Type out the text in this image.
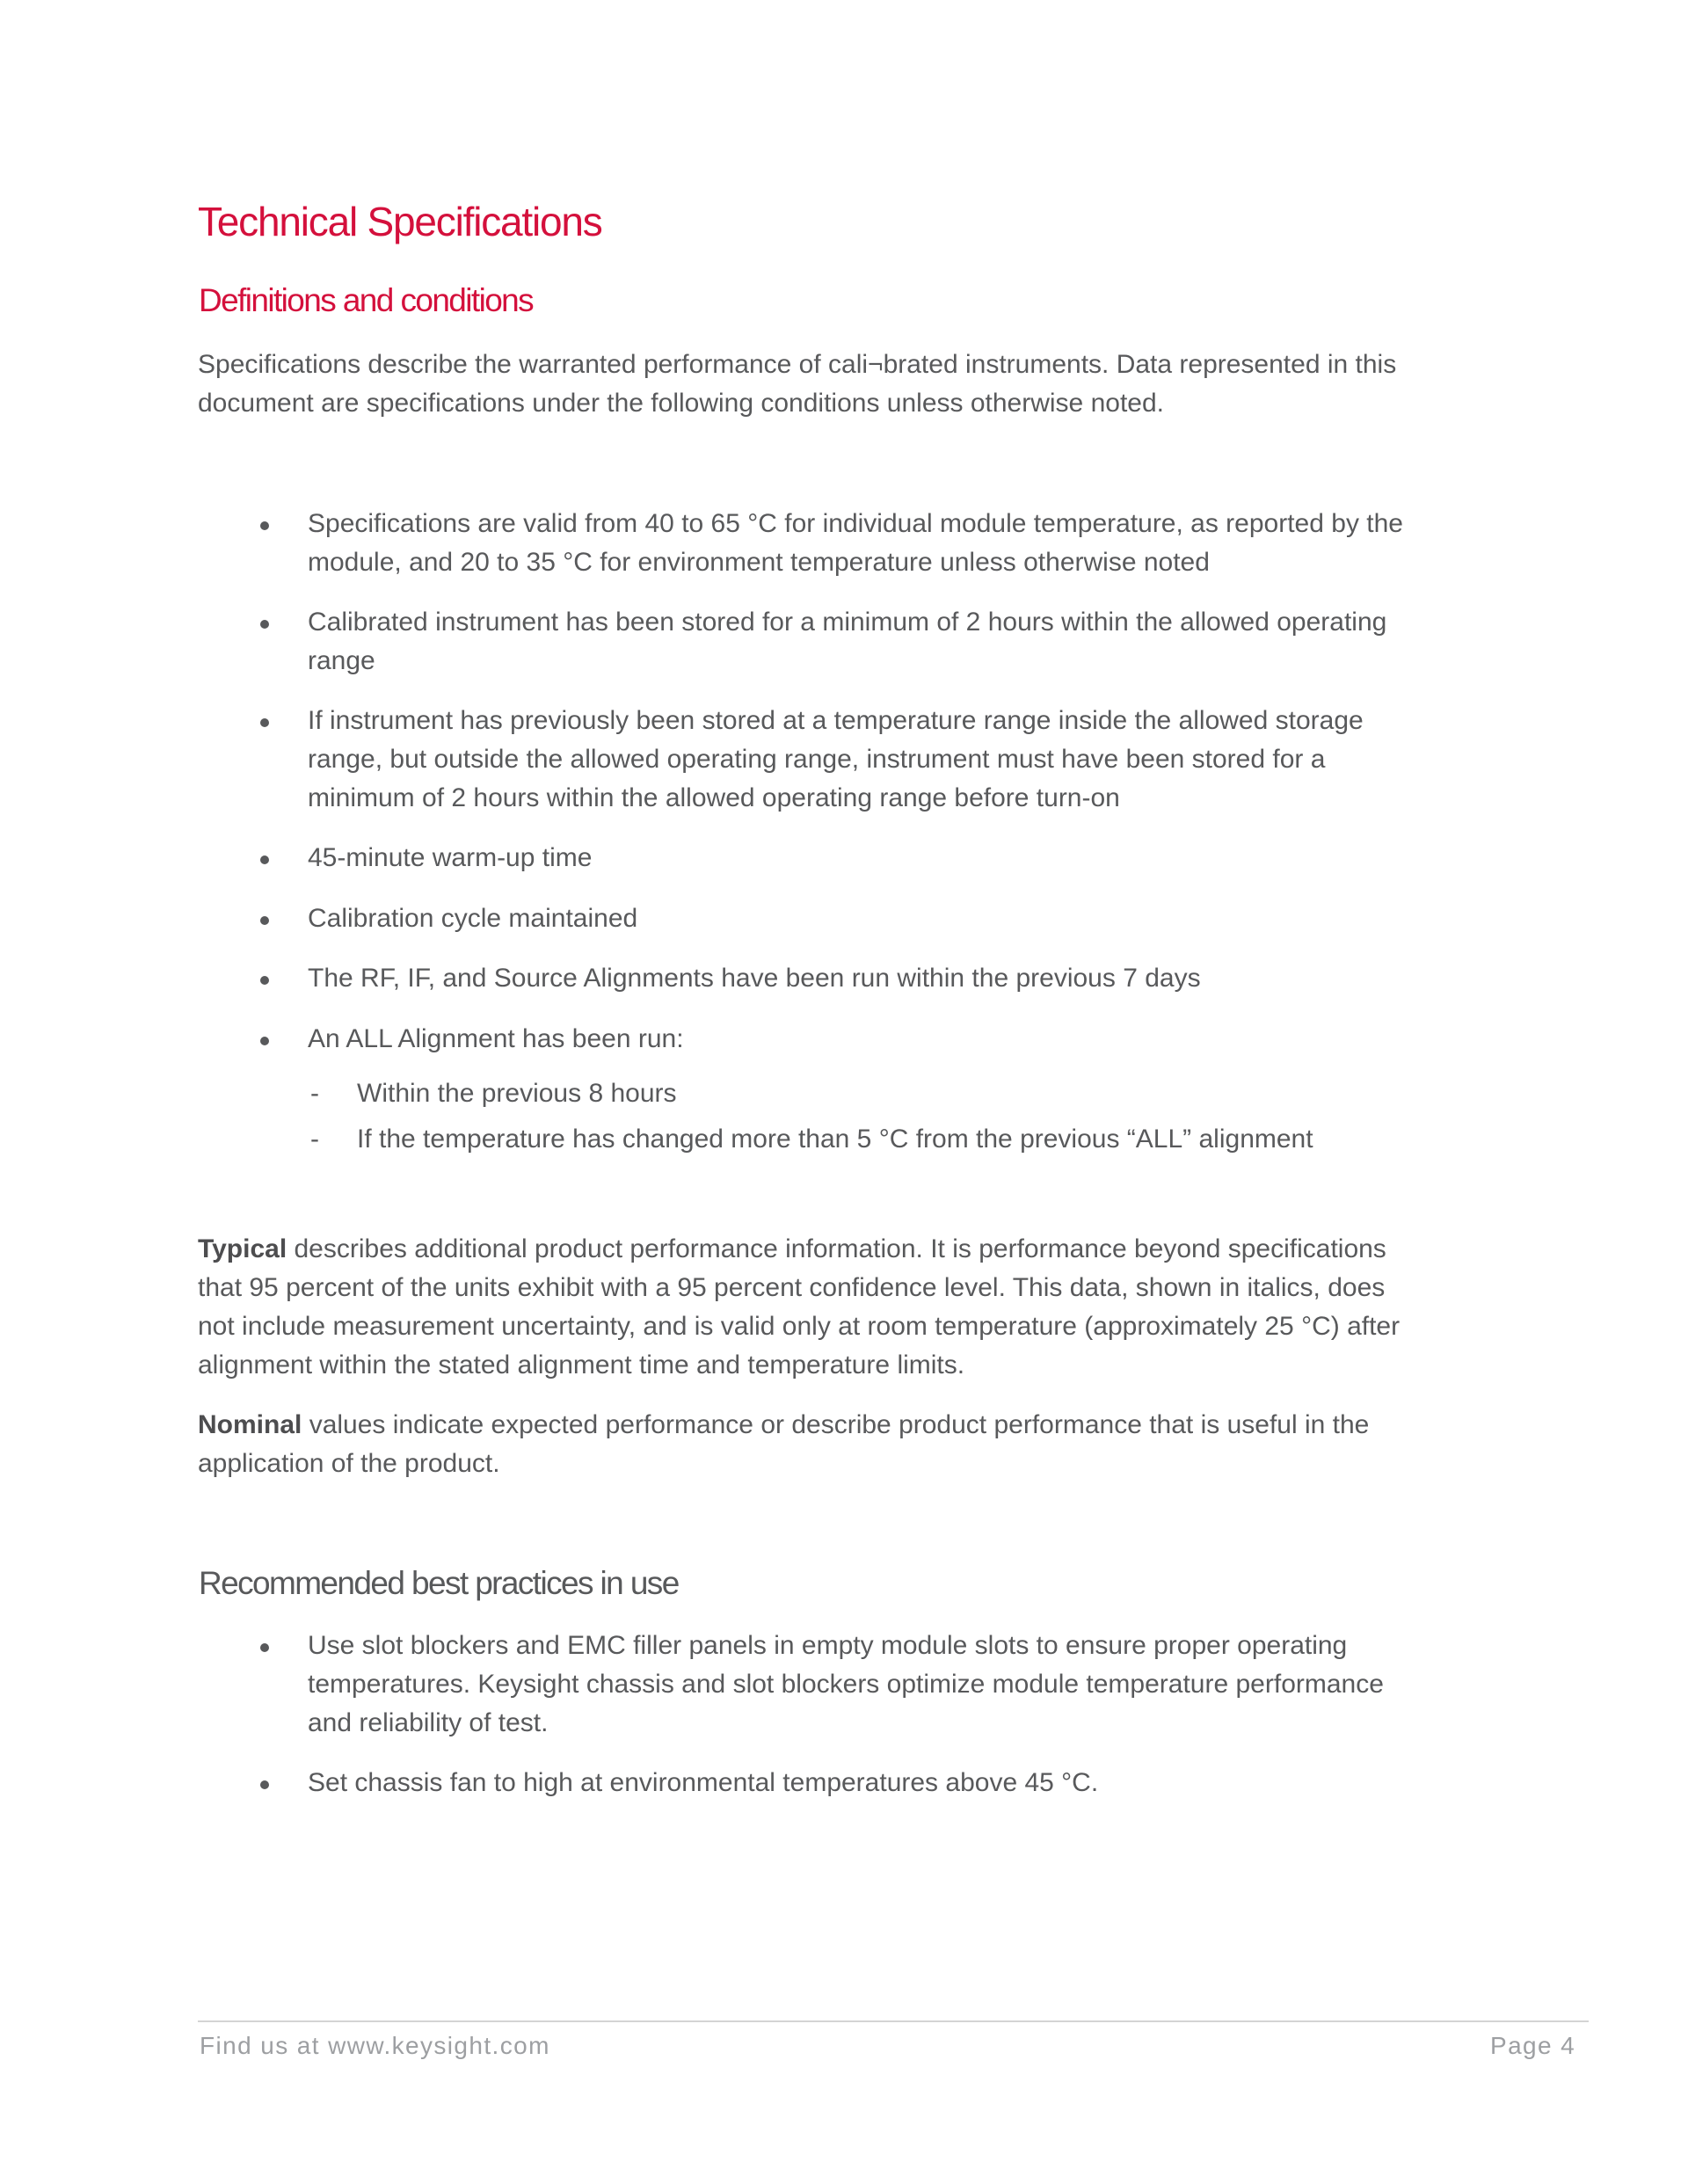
Technical Specifications
Definitions and conditions
Specifications describe the warranted performance of cali¬brated instruments. Data represented in this
document are specifications under the following conditions unless otherwise noted.
Specifications are valid from 40 to 65 °C for individual module temperature, as reported by the
module, and 20 to 35 °C for environment temperature unless otherwise noted
Calibrated instrument has been stored for a minimum of 2 hours within the allowed operating
range
If instrument has previously been stored at a temperature range inside the allowed storage
range, but outside the allowed operating range, instrument must have been stored for a
minimum of 2 hours within the allowed operating range before turn-on
45-minute warm-up time
Calibration cycle maintained
The RF, IF, and Source Alignments have been run within the previous 7 days
An ALL Alignment has been run:
- Within the previous 8 hours
- If the temperature has changed more than 5 °C from the previous “ALL” alignment
Typical describes additional product performance information. It is performance beyond specifications
that 95 percent of the units exhibit with a 95 percent confidence level. This data, shown in italics, does
not include measurement uncertainty, and is valid only at room temperature (approximately 25 °C) after
alignment within the stated alignment time and temperature limits.
Nominal values indicate expected performance or describe product performance that is useful in the
application of the product.
Recommended best practices in use
Use slot blockers and EMC filler panels in empty module slots to ensure proper operating
temperatures. Keysight chassis and slot blockers optimize module temperature performance
and reliability of test.
Set chassis fan to high at environmental temperatures above 45 °C.
Find us at www.keysight.com	Page 4
